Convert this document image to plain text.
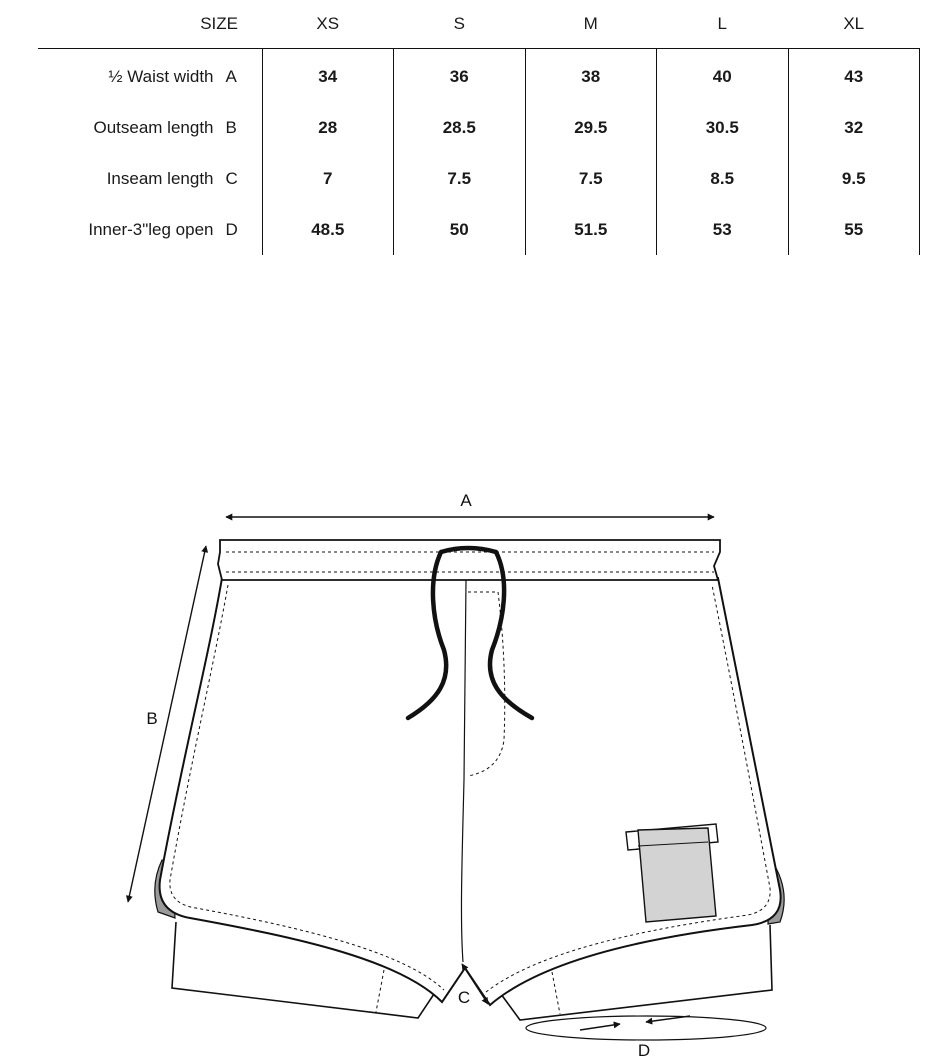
SIZE	XS	S	M	L	XL
½ Waist width A	34	36	38	40	43
Outseam length B	28	28.5	29.5	30.5	32
Inseam length C	7	7.5	7.5	8.5	9.5
Inner-3"leg open D	48.5	50	51.5	53	55
A
B
C
D
